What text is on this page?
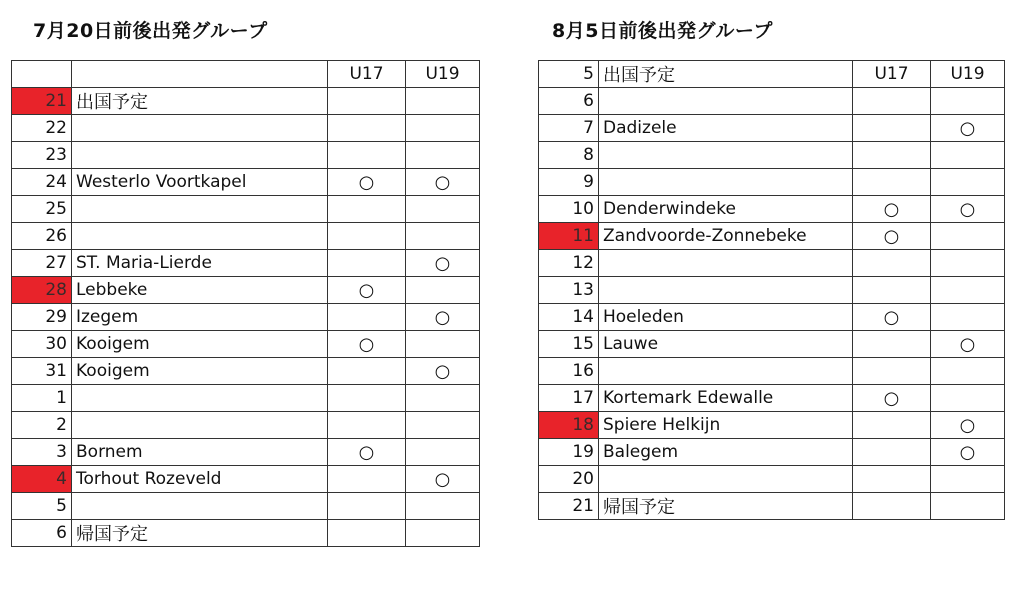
7月20日前後出発グループ	8月5日前後出発グループ
		U17	U19
21	出国予定		
22			
23			
24	Westerlo Voortkapel	○	○
25			
26			
27	ST. Maria-Lierde		○
28	Lebbeke	○	
29	Izegem		○
30	Kooigem	○	
31	Kooigem		○
1			
2			
3	Bornem	○	
4	Torhout Rozeveld		○
5			
6	帰国予定		
5	出国予定	U17	U19
6			
7	Dadizele		○
8			
9			
10	Denderwindeke	○	○
11	Zandvoorde-Zonnebeke	○	
12			
13			
14	Hoeleden	○	
15	Lauwe		○
16			
17	Kortemark Edewalle	○	
18	Spiere Helkijn		○
19	Balegem		○
20			
21	帰国予定		
